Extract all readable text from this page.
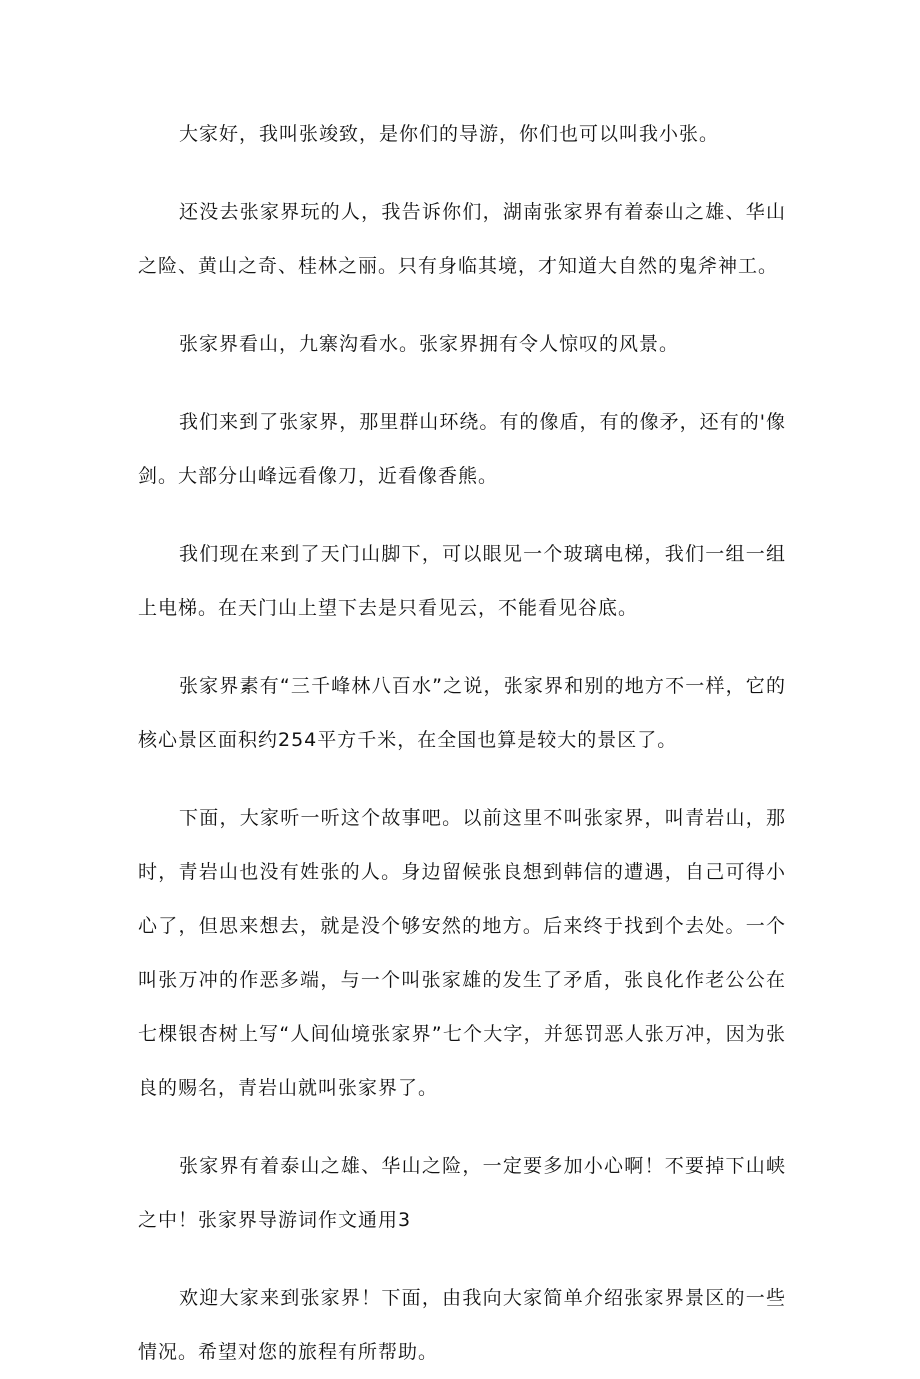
大家好，我叫张竣致，是你们的导游，你们也可以叫我小张。

还没去张家界玩的人，我告诉你们，湖南张家界有着泰山之雄、华山之险、黄山之奇、桂林之丽。只有身临其境，才知道大自然的鬼斧神工。

张家界看山，九寨沟看水。张家界拥有令人惊叹的风景。

我们来到了张家界，那里群山环绕。有的像盾，有的像矛，还有的'像剑。大部分山峰远看像刀，近看像香熊。

我们现在来到了天门山脚下，可以眼见一个玻璃电梯，我们一组一组上电梯。在天门山上望下去是只看见云，不能看见谷底。

张家界素有“三千峰林八百水”之说，张家界和别的地方不一样，它的核心景区面积约254平方千米，在全国也算是较大的景区了。

下面，大家听一听这个故事吧。以前这里不叫张家界，叫青岩山，那时，青岩山也没有姓张的人。身边留候张良想到韩信的遭遇，自己可得小心了，但思来想去，就是没个够安然的地方。后来终于找到个去处。一个叫张万冲的作恶多端，与一个叫张家雄的发生了矛盾，张良化作老公公在七棵银杏树上写“人间仙境张家界”七个大字，并惩罚恶人张万冲，因为张良的赐名，青岩山就叫张家界了。

张家界有着泰山之雄、华山之险，一定要多加小心啊！不要掉下山峡之中！张家界导游词作文通用3

欢迎大家来到张家界！下面，由我向大家简单介绍张家界景区的一些情况。希望对您的旅程有所帮助。
